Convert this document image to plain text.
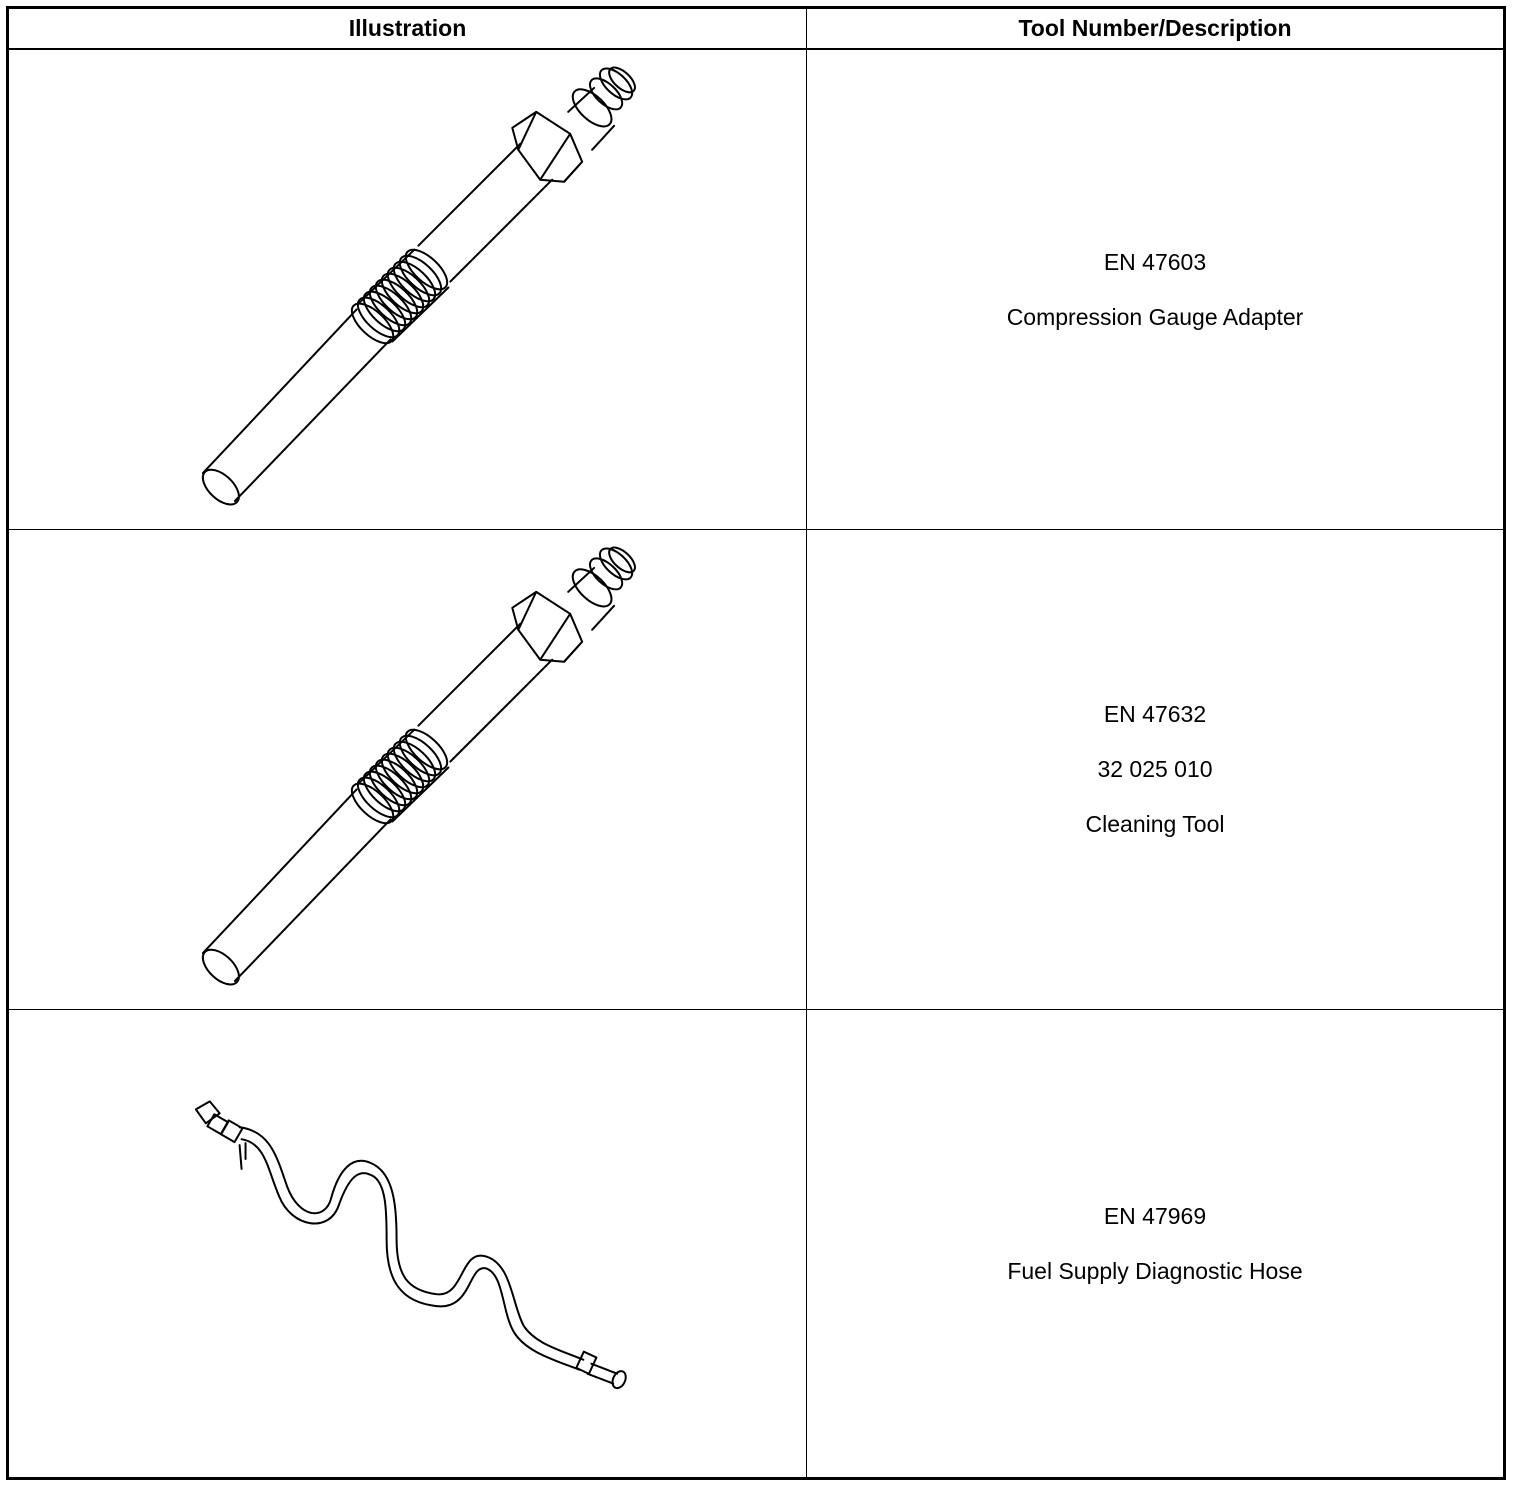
Illustration	Tool Number/Description
EN 47603
Compression Gauge Adapter
EN 47632
32 025 010
Cleaning Tool
EN 47969
Fuel Supply Diagnostic Hose
